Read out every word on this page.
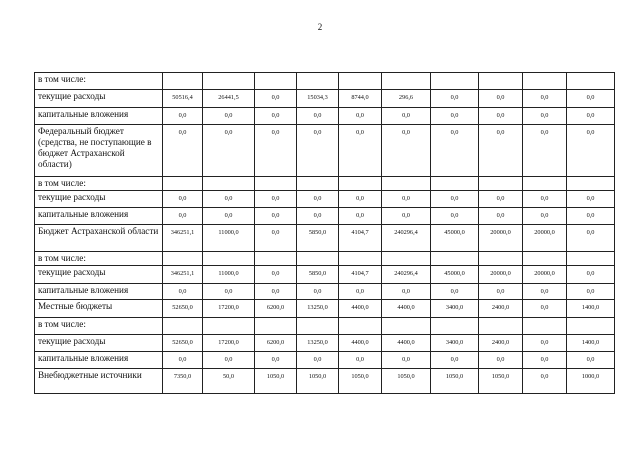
2
в том числе:										
текущие расходы	50516,4	26441,5	0,0	15034,3	8744,0	296,6	0,0	0,0	0,0	0,0
капитальные вложения	0,0	0,0	0,0	0,0	0,0	0,0	0,0	0,0	0,0	0,0
Федеральный бюджет (средства, не поступающие в бюджет Астраханской области)	0,0	0,0	0,0	0,0	0,0	0,0	0,0	0,0	0,0	0,0
в том числе:										
текущие расходы	0,0	0,0	0,0	0,0	0,0	0,0	0,0	0,0	0,0	0,0
капитальные вложения	0,0	0,0	0,0	0,0	0,0	0,0	0,0	0,0	0,0	0,0
Бюджет Астраханской области	346251,1	11000,0	0,0	5850,0	4104,7	240296,4	45000,0	20000,0	20000,0	0,0
в том числе:										
текущие расходы	346251,1	11000,0	0,0	5850,0	4104,7	240296,4	45000,0	20000,0	20000,0	0,0
капитальные вложения	0,0	0,0	0,0	0,0	0,0	0,0	0,0	0,0	0,0	0,0
Местные бюджеты	52650,0	17200,0	6200,0	13250,0	4400,0	4400,0	3400,0	2400,0	0,0	1400,0
в том числе:										
текущие расходы	52650,0	17200,0	6200,0	13250,0	4400,0	4400,0	3400,0	2400,0	0,0	1400,0
капитальные вложения	0,0	0,0	0,0	0,0	0,0	0,0	0,0	0,0	0,0	0,0
Внебюджетные источники	7350,0	50,0	1050,0	1050,0	1050,0	1050,0	1050,0	1050,0	0,0	1000,0
